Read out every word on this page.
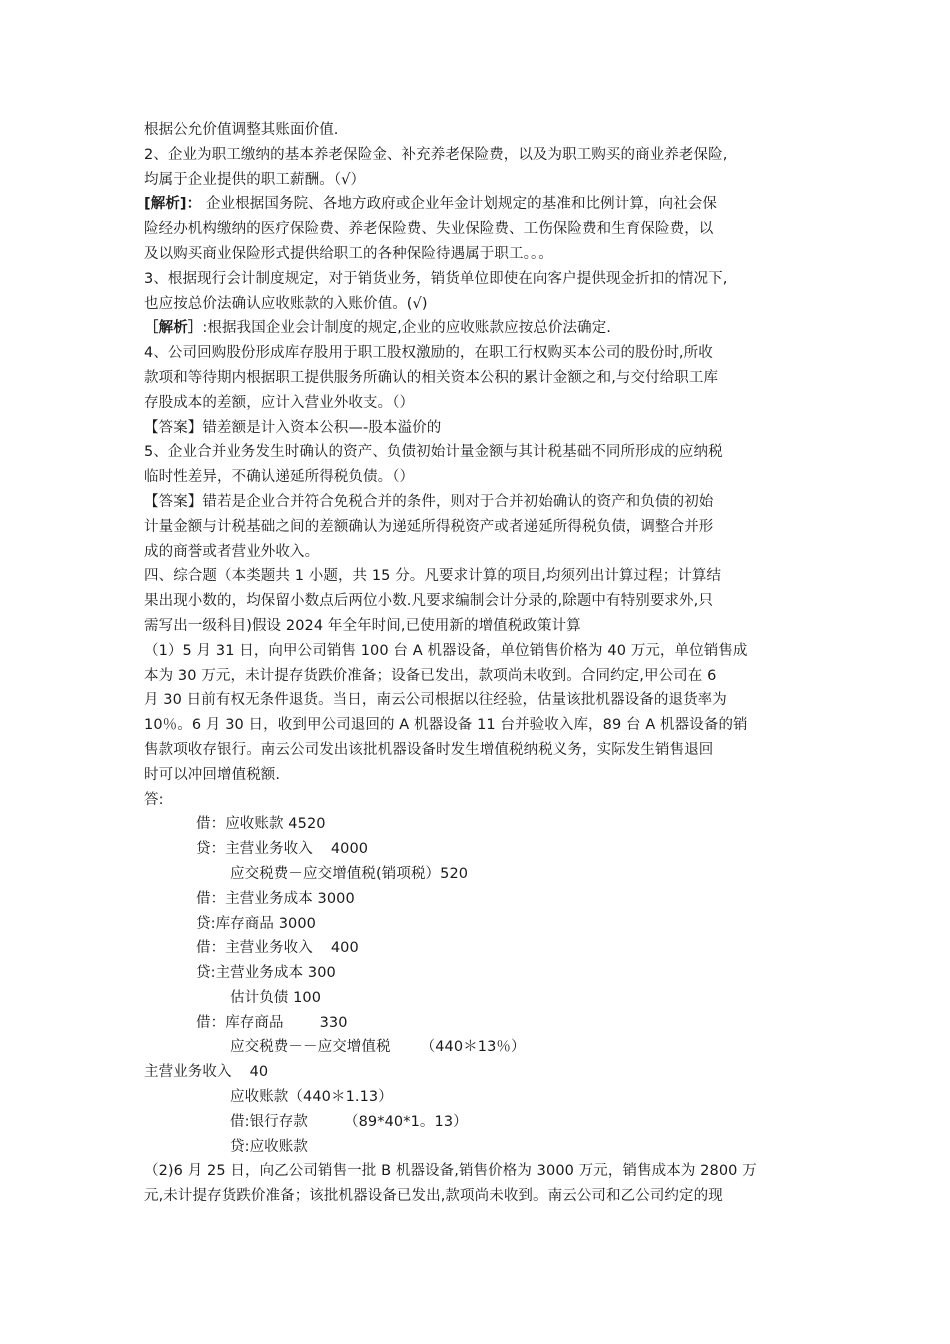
根据公允价值调整其账面价值.
2、企业为职工缴纳的基本养老保险金、补充养老保险费，以及为职工购买的商业养老保险,
均属于企业提供的职工薪酬。（√）
[解析]： 企业根据国务院、各地方政府或企业年金计划规定的基准和比例计算，向社会保
险经办机构缴纳的医疗保险费、养老保险费、失业保险费、工伤保险费和生育保险费，以
及以购买商业保险形式提供给职工的各种保险待遇属于职工。。。
3、根据现行会计制度规定，对于销货业务，销货单位即使在向客户提供现金折扣的情况下,
也应按总价法确认应收账款的入账价值。(√)
［解析］:根据我国企业会计制度的规定,企业的应收账款应按总价法确定.
4、公司回购股份形成库存股用于职工股权激励的，在职工行权购买本公司的股份时,所收
款项和等待期内根据职工提供服务所确认的相关资本公积的累计金额之和,与交付给职工库
存股成本的差额，应计入营业外收支。（）
【答案】错差额是计入资本公积—-股本溢价的
5、企业合并业务发生时确认的资产、负债初始计量金额与其计税基础不同所形成的应纳税
临时性差异，不确认递延所得税负债。（）
【答案】错若是企业合并符合免税合并的条件，则对于合并初始确认的资产和负债的初始
计量金额与计税基础之间的差额确认为递延所得税资产或者递延所得税负债，调整合并形
成的商誉或者营业外收入。
四、综合题（本类题共 1 小题，共 15 分。凡要求计算的项目,均须列出计算过程；计算结
果出现小数的，均保留小数点后两位小数.凡要求编制会计分录的,除题中有特别要求外,只
需写出一级科目)假设 2024 年全年时间,已使用新的增值税政策计算
（1）5 月 31 日，向甲公司销售 100 台 A 机器设备，单位销售价格为 40 万元，单位销售成
本为 30 万元，未计提存货跌价准备；设备已发出，款项尚未收到。合同约定,甲公司在 6
月 30 日前有权无条件退货。当日，南云公司根据以往经验，估量该批机器设备的退货率为
10％。6 月 30 日，收到甲公司退回的 A 机器设备 11 台并验收入库，89 台 A 机器设备的销
售款项收存银行。南云公司发出该批机器设备时发生增值税纳税义务，实际发生销售退回
时可以冲回增值税额.
答:
借：应收账款 4520
贷：主营业务收入 4000
应交税费－应交增值税(销项税）520
借：主营业务成本 3000
贷:库存商品 3000
借：主营业务收入 400
贷:主营业务成本 300
估计负债 100
借：库存商品 330
应交税费－－应交增值税 （440＊13％）
主营业务收入 40
应收账款（440＊1.13）
借:银行存款 （89*40*1。13）
贷:应收账款
（2)6 月 25 日，向乙公司销售一批 B 机器设备,销售价格为 3000 万元，销售成本为 2800 万
元,未计提存货跌价准备；该批机器设备已发出,款项尚未收到。南云公司和乙公司约定的现
